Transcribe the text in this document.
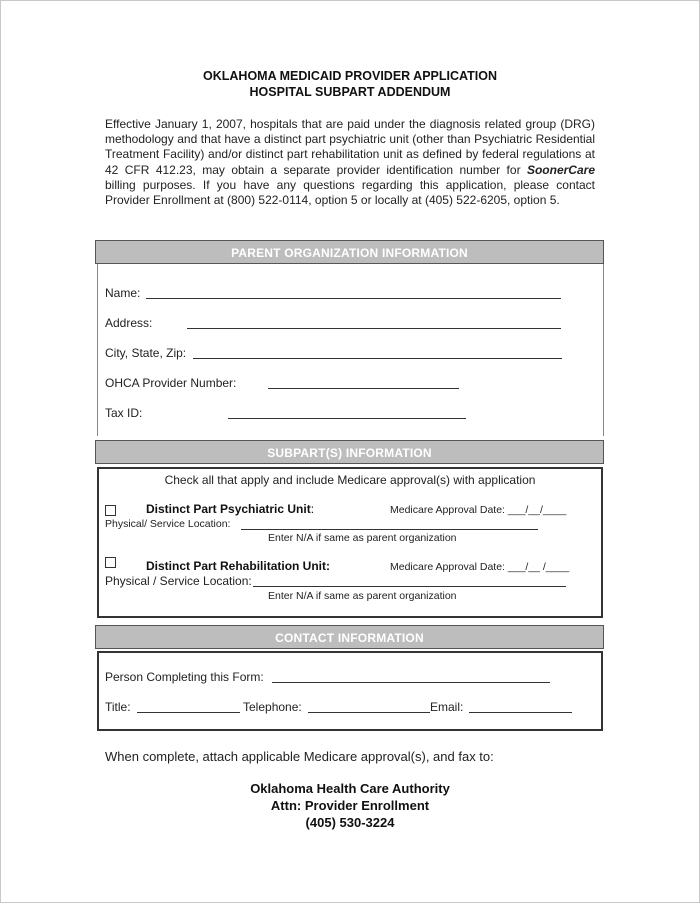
OKLAHOMA MEDICAID PROVIDER APPLICATION
HOSPITAL SUBPART ADDENDUM
Effective January 1, 2007, hospitals that are paid under the diagnosis related group (DRG) methodology and that have a distinct part psychiatric unit (other than Psychiatric Residential Treatment Facility) and/or distinct part rehabilitation unit as defined by federal regulations at 42 CFR 412.23, may obtain a separate provider identification number for SoonerCare billing purposes. If you have any questions regarding this application, please contact Provider Enrollment at (800) 522-0114, option 5 or locally at (405) 522-6205, option 5.
PARENT ORGANIZATION INFORMATION
Name:
Address:
City, State, Zip:
OHCA Provider Number:
Tax ID:
SUBPART(S) INFORMATION
Check all that apply and include Medicare approval(s) with application
Distinct Part Psychiatric Unit:	Medicare Approval Date: ___/__/____
Physical/ Service Location:
Enter N/A if same as parent organization
Distinct Part Rehabilitation Unit:	Medicare Approval Date: ___/__ /____
Physical / Service Location:
Enter N/A if same as parent organization
CONTACT INFORMATION
Person Completing this Form:
Title:	Telephone:	Email:
When complete, attach applicable Medicare approval(s), and fax to:
Oklahoma Health Care Authority
Attn: Provider Enrollment
(405) 530-3224
